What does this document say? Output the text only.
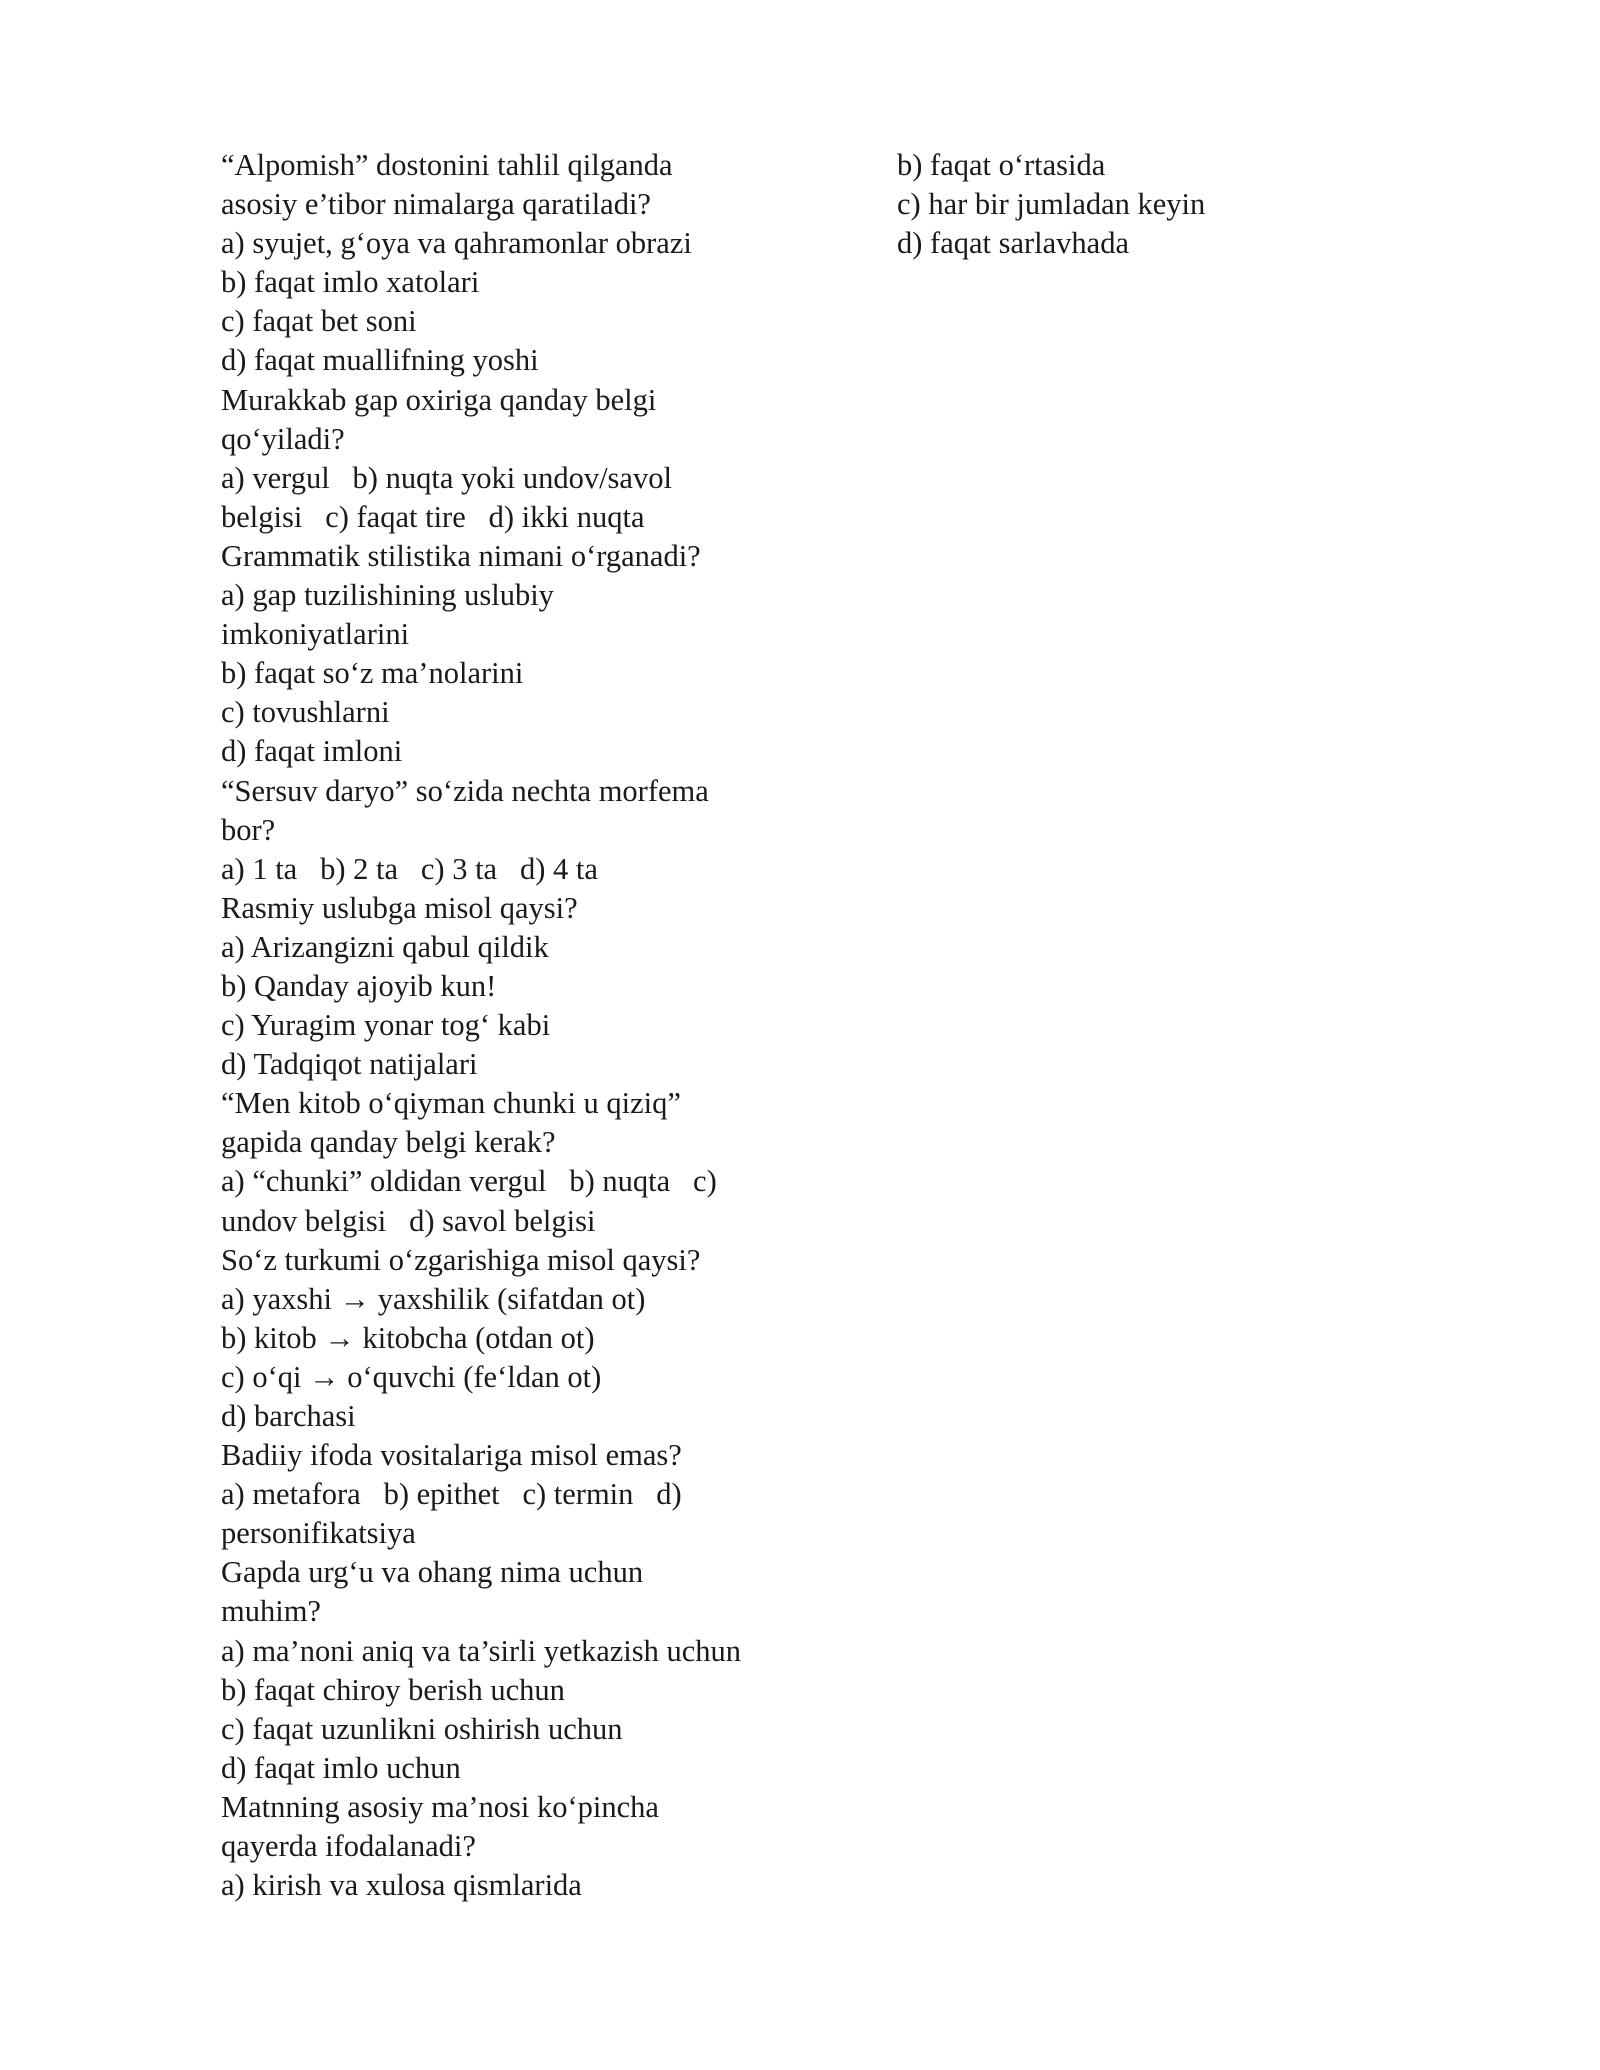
“Alpomish” dostonini tahlil qilganda
asosiy e’tibor nimalarga qaratiladi?
a) syujet, g‘oya va qahramonlar obrazi
b) faqat imlo xatolari
c) faqat bet soni
d) faqat muallifning yoshi
Murakkab gap oxiriga qanday belgi
qo‘yiladi?
a) vergul   b) nuqta yoki undov/savol
belgisi   c) faqat tire   d) ikki nuqta
Grammatik stilistika nimani o‘rganadi?
a) gap tuzilishining uslubiy
imkoniyatlarini
b) faqat so‘z ma’nolarini
c) tovushlarni
d) faqat imloni
“Sersuv daryo” so‘zida nechta morfema
bor?
a) 1 ta   b) 2 ta   c) 3 ta   d) 4 ta
Rasmiy uslubga misol qaysi?
a) Arizangizni qabul qildik
b) Qanday ajoyib kun!
c) Yuragim yonar tog‘ kabi
d) Tadqiqot natijalari
“Men kitob o‘qiyman chunki u qiziq”
gapida qanday belgi kerak?
a) “chunki” oldidan vergul   b) nuqta   c)
undov belgisi   d) savol belgisi
So‘z turkumi o‘zgarishiga misol qaysi?
a) yaxshi → yaxshilik (sifatdan ot)
b) kitob → kitobcha (otdan ot)
c) o‘qi → o‘quvchi (fe‘ldan ot)
d) barchasi
Badiiy ifoda vositalariga misol emas?
a) metafora   b) epithet   c) termin   d)
personifikatsiya
Gapda urg‘u va ohang nima uchun
muhim?
a) ma’noni aniq va ta’sirli yetkazish uchun
b) faqat chiroy berish uchun
c) faqat uzunlikni oshirish uchun
d) faqat imlo uchun
Matnning asosiy ma’nosi ko‘pincha
qayerda ifodalanadi?
a) kirish va xulosa qismlarida
b) faqat o‘rtasida
c) har bir jumladan keyin
d) faqat sarlavhada
